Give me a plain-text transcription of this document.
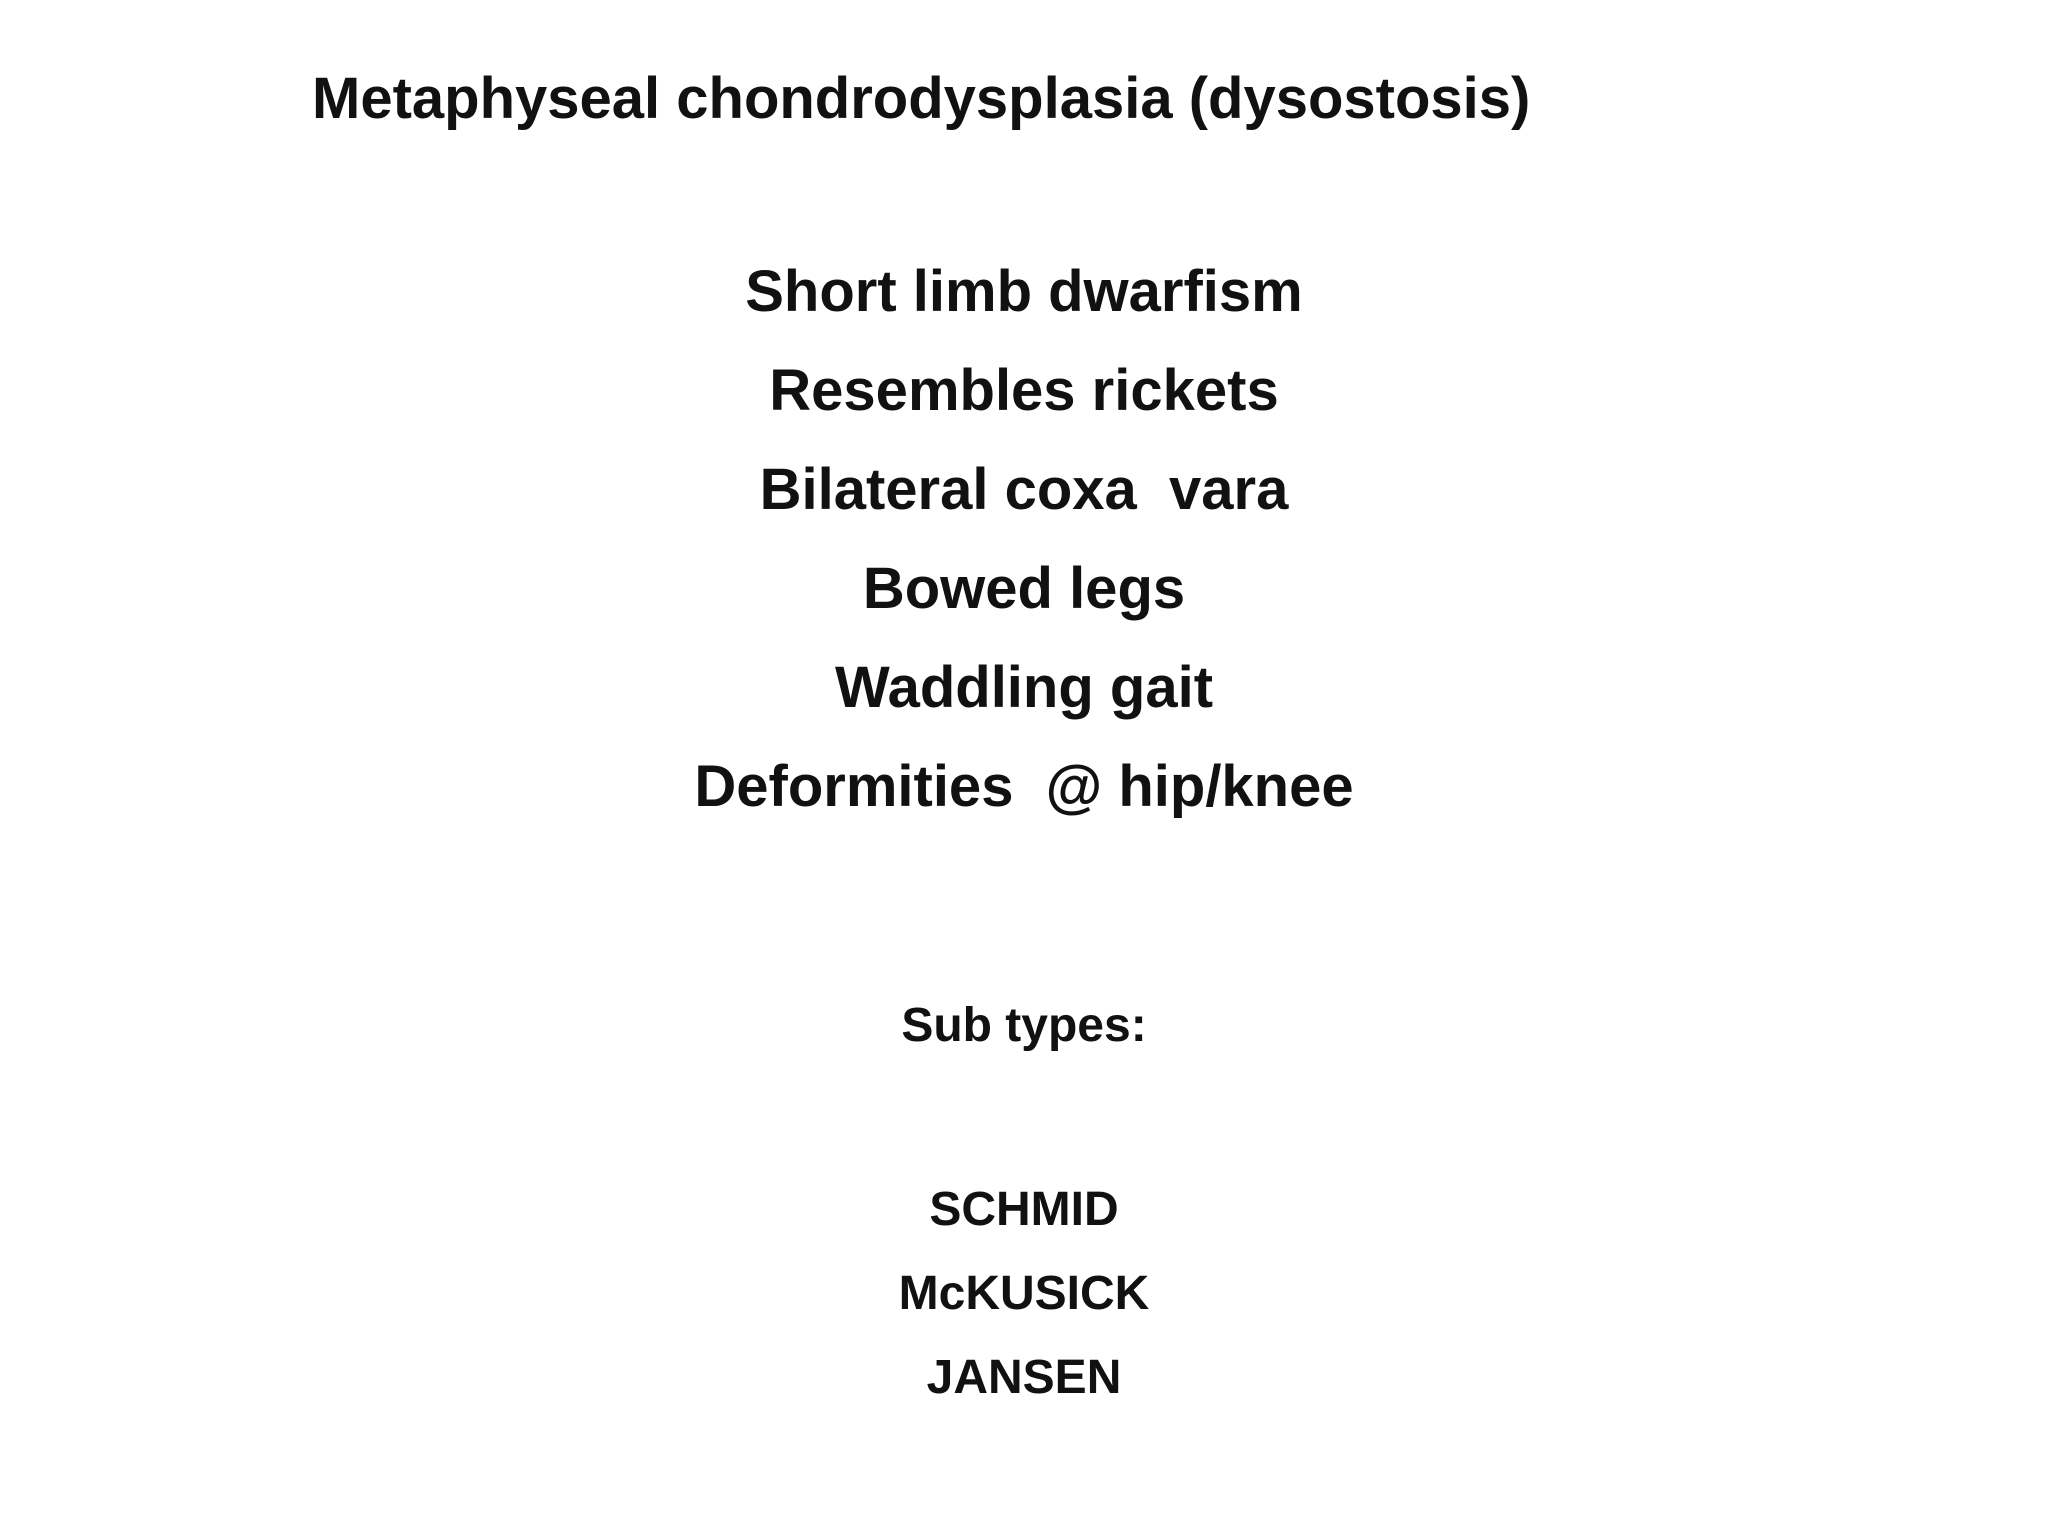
Metaphyseal chondrodysplasia (dysostosis)
Short limb dwarfism
Resembles rickets
Bilateral coxa  vara
Bowed legs
Waddling gait
Deformities  @ hip/knee
Sub types:
SCHMID
McKUSICK
JANSEN
